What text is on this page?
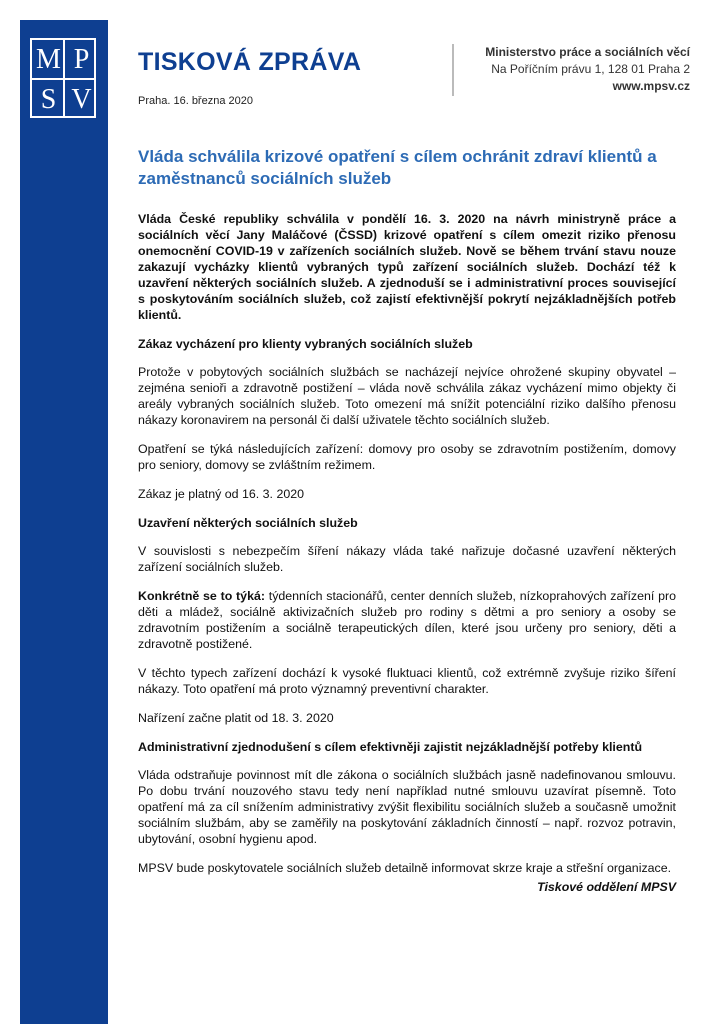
M P
S V
TISKOVÁ ZPRÁVA
Praha. 16. března 2020
Ministerstvo práce a sociálních věcí
Na Poříčním právu 1, 128 01 Praha 2
www.mpsv.cz
Vláda schválila krizové opatření s cílem ochránit zdraví klientů a zaměstnanců sociálních služeb

Vláda České republiky schválila v pondělí 16. 3. 2020 na návrh ministryně práce a sociálních věcí Jany Maláčové (ČSSD) krizové opatření s cílem omezit riziko přenosu onemocnění COVID-19 v zařízeních sociálních služeb. Nově se během trvání stavu nouze zakazují vycházky klientů vybraných typů zařízení sociálních služeb. Dochází též k uzavření některých sociálních služeb. A zjednoduší se i administrativní proces související s poskytováním sociálních služeb, což zajistí efektivnější pokrytí nejzákladnějších potřeb klientů.

Zákaz vycházení pro klienty vybraných sociálních služeb

Protože v pobytových sociálních službách se nacházejí nejvíce ohrožené skupiny obyvatel – zejména senioři a zdravotně postižení – vláda nově schválila zákaz vycházení mimo objekty či areály vybraných sociálních služeb. Toto omezení má snížit potenciální riziko dalšího přenosu nákazy koronavirem na personál či další uživatele těchto sociálních služeb.

Opatření se týká následujících zařízení: domovy pro osoby se zdravotním postižením, domovy pro seniory, domovy se zvláštním režimem.

Zákaz je platný od 16. 3. 2020

Uzavření některých sociálních služeb

V souvislosti s nebezpečím šíření nákazy vláda také nařizuje dočasné uzavření některých zařízení sociálních služeb.

Konkrétně se to týká: týdenních stacionářů, center denních služeb, nízkoprahových zařízení pro děti a mládež, sociálně aktivizačních služeb pro rodiny s dětmi a pro seniory a osoby se zdravotním postižením a sociálně terapeutických dílen, které jsou určeny pro seniory, děti a zdravotně postižené.

V těchto typech zařízení dochází k vysoké fluktuaci klientů, což extrémně zvyšuje riziko šíření nákazy. Toto opatření má proto významný preventivní charakter.

Nařízení začne platit od 18. 3. 2020

Administrativní zjednodušení s cílem efektivněji zajistit nejzákladnější potřeby klientů

Vláda odstraňuje povinnost mít dle zákona o sociálních službách jasně nadefinovanou smlouvu. Po dobu trvání nouzového stavu tedy není například nutné smlouvu uzavírat písemně. Toto opatření má za cíl snížením administrativy zvýšit flexibilitu sociálních služeb a současně umožnit sociálním službám, aby se zaměřily na poskytování základních činností – např. rozvoz potravin, ubytování, osobní hygienu apod.

MPSV bude poskytovatele sociálních služeb detailně informovat skrze kraje a střešní organizace.

Tiskové oddělení MPSV
